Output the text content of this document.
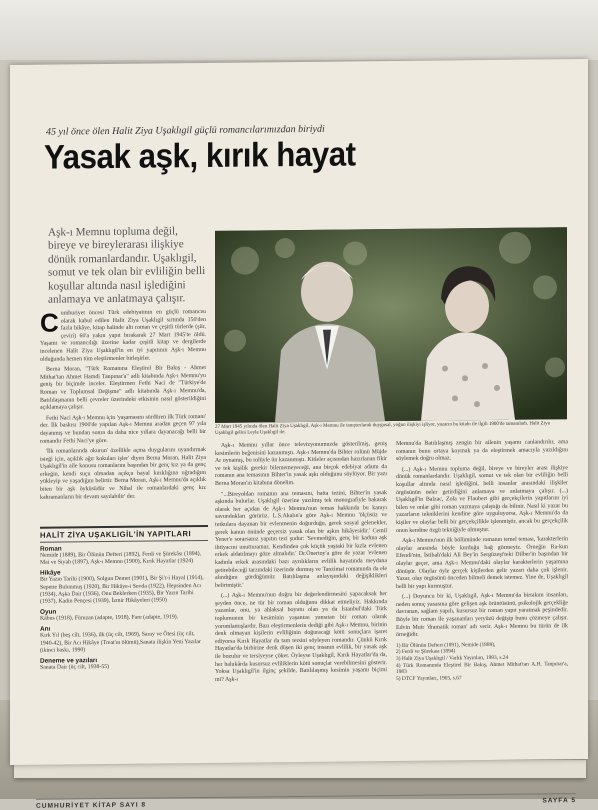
45 yıl önce ölen Halit Ziya Uşaklıgil güçlü romancılarımızdan biriydi
Yasak aşk, kırık hayat
Aşk-ı Memnu topluma değil, bireye ve bireylerarası ilişkiye dönük romanlardandır. Uşaklıgil, somut ve tek olan bir evliliğin belli koşullar altında nasıl işlediğini anlamaya ve anlatmaya çalışır.
C umhuriyet öncesi Türk edebiyatının en güçlü romancısı olarak kabul edilen Halit Ziya Uşaklıgil sırtında 150'den fazla hikâye, kitap halinde altı roman ve çeşitli türlerde (şiir, çeviri) 60'a yakın yapıt bırakarak 27 Mart 1945'te öldü. Yaşamı ve romancılığı üzerine kadar çeşitli kitap ve dergilerde incelenen Halit Ziya Uşaklıgil'in en iyi yapıtının Aşk-ı Memnu olduğunda hemen tüm eleştirmenler birleşirler.

Berna Moran, "Türk Romanına Eleştirel Bir Bakış - Ahmet Mithat'tan Ahmet Hamdi Tanpınar'a" adlı kitabında Aşk-ı Memnu'yu geniş bir biçimde inceler. Eleştirmen Fethi Naci de "Türkiye'de Roman ve Toplumsal Değişme" adlı kitabında Aşk-ı Memnu'da, Batılılaşmanın belli çevreler üzerindeki etkisinin nasıl gösterildiğini açıklamaya çalışır.

Fethi Naci Aşk-ı Memnu için 'yaşamasını sürdüren ilk Türk romanı' der. İlk baskısı 1900'de yapılan Aşk-ı Memnu aradan geçen 97 yıla dayanmış ve bundan sonra da daha nice yıllara dayanacağı belli bir romandır Fethi Naci'ye göre.

'İlk romanlarında okurun' özellikle açma duygularını uyandırmak isteği için, açıklık ağır kokuları işler' diyen Berna Moran, Halit Ziya Uşaklıgil'in aile konusu romanlarını başından bir genç kız ya da genç erkeğin, kendi suçu olmadan açıkça hayal kırıklığına uğradığını yükleyip ve yaşadığını belirtir. Berna Moran, Aşk-ı Memnu'da açıklık biten bir aşk öyküsüdür ve Nihal ile romanlardaki genç kız kahramanların bir devam sayılabilir' der.

HALİT ZİYA UŞAKLIGİL'İN YAPITLARI
Roman
Nemide (1889), Bir Ölünün Defteri (1892), Ferdi ve Şürekâsı (1894), Mai ve Siyah (1897), Aşk-ı Memnu (1900), Kırık Hayatlar (1924)
Hikâye
Bir Yazın Tarihi (1900), Solgun Demet (1901), Bir Şi'r-i Hayal (1914), Sepette Bulunmuş (1920), Bir Hikâye-i Sevda (1922), Hepsinden Acı (1934), Aşka Dair (1936), Onu Beklerken (1935), Bir Yazın Tarihi (1937), Kadın Pençesi (1939), İzmir Hikâyeleri (1950)
Oyun
Kâbus (1918), Füruzan (adapte, 1918), Fare (adapte, 1919).
Anı
Kırk Yıl (beş cilt, 1936), ilk (üç cilt, 1969), Saray ve Ötesi (üç cilt, 1940-42), Bir Acı Hikâye (Treat'ın ölümü),Sanata ilişkin Yeni Yazılar (ikinci baskı, 1990)
Deneme ve yazıları
Sanata Dair (üç cilt, 1938-55)
27 Mart 1945 yılında ölen Halit Ziya Uşaklıgil, Aşk-ı Memnu ile tanıştırılarak duygusal, yoğun ilişkiyi işliyor, yazarın bu kitabı ile ilgili 1900'de tamamladı. Halit Ziya Uşaklıgil gelini Leyla Uşaklıgil ile.

Aşk-ı Memnu yıllar önce televizyonumuzda gösterilmiş, geniş kesimlerin beğenisini kazanmıştı. Aşk-ı Memnu'da Bihter rolünü Müjde Ar oynamış, bu rolüyle ün kazanmıştı. Kitleler açısından hazırlanan fikir ve tek kişilik gerekir bilememeyeceği, ana birçok edebiyat adamı da romanın ana temasının Bihter'in yasak aşkı olduğunu söylüyor. Bir yazı Berna Moran'ın kitabına dönelim.

"...Bireyoldan romanın ana temasını, hatta tezini, Bihter'in yasak aşkında bulurlar. Uşaklıgil üzerine yazılmış tek monografiyle bakarak olarak her açıdan de Aşk-ı Memnu'nun temas hakkında bu kanıyı savundukları görürüz. L.S.Akalın'a göre Aşk-ı Memnu 'ölçüsüz ve tutkulara dayanan bir evlenmenin doğurduğu, gerek sosyal gelenekler, gerek kanun önünde geçersiz yasak olan bir aşkın hikâyesidir.' Cemil Yener'e sorarsanız yapıtın tezi şudur: 'Sevmediğin, genç bir kadına aşk ihtiyacını unutturamaz. Kendinden çok küçük yaştaki bir kızla evlenen erkek aldatılmayı göze almalıdır.' Dr.Önertoy'a göre de yazar 'evlenen kadınla erkek arasındaki bazı ayrılıkların evlilik hayatında meydana getirebileceği tarzındaki üzerinde durmuş ve Tanzimat romanında da ele alındığını gördüğümüz Batılılaşma anlayışındaki değişiklikleri belirtmiştir.'

(...) Aşk-ı Memnu'nun doğru bir değerlendirmesini yapacaksak her şeyden önce, ne tür bir roman olduğunu dikkat etmeliyiz. Hakkında yazanlar, onu, ya ahlaksal boyutu olan ya da İstanbul'daki Türk toplumunun bir kesiminin yaşantısı yansıtan bir roman olarak yorumlamışlardır. Bazı eleştirmenlerin dediği gibi Aşk-ı Memnu, birinin denk olmayan kişilerin evliliğinin doğuracağı kötü sonuçlara işaret ediyorsa Kırık Hayatlar da tam tersini söyleyen romandır. Çünkü Kırık Hayatlar'da birbirine denk düşen iki genç insanın evlilik, bir yasak aşk ile bozulur ve tersiyeyse çöker. Öyleyse Uşaklıgil, Kırık Hayatlar'da da, her halukârda kusursuz evliliklerin kötü sonuçlar verebilmesini gösterir. Yoksa Uşaklıgil'in ilginç şekilde, Batılılaşmış kesimin yaşamı biçimi mi? Aşk-ı

Memnu'da Batılılaşmış zengin bir ailenin yaşamı canlandırılır, ama romanın bunu ortaya koymak ya da eleştirmek amacıyla yazıldığını söylemek doğru olmaz.

(...) Aşk-ı Memnu topluma değil, bireye ve bireyler arası ilişkiye dönük romanlardandır. Uşaklıgil, somut ve tek olan bir evliliğin belli koşullar altında nasıl işlediğini, belli insanlar arasındaki ilişkiler örgüsünün neler getirdiğini anlamaya ve anlatmaya çalışır. (...) Uşaklıgil'in Balzac, Zola ve Flaubert gibi gerçekçilerin yapıtlarını iyi bilen ve onlar gibi roman yazmaya çalıştığı da bilinir. Nasıl ki yazar bu yazarların tekniklerini kendine göre uyguluyorsa, Aşk-ı Memnu'da da kişiler ve olaylar belli bir gerçekçilikle işlenmiştir, ancak bu gerçekçilik onun kendine özgü tekniğiyle olmuştur.

Aşk-ı Memnu'nun ilk bölümünde romanın temel teması, 'karakterlerin olaylar arasında böyle kurduğu bağ görmeyiz. Örneğin Ra-kun Efendi'nin, İstibah'daki Ali Bey'in Sergüzeşt'teki Dilber'in başından bir olaylar geçer, ama Aşk-ı Memnu'daki olaylar karakterlerin yaşamına dönüşür. Olaylar öyle gerçek kişilerden gelir yazarı daha çok işlenir. Yazar, olay örgüsünü önceden bilmeli demek istemez. Yine de, Uşaklıgil belli bir yapı kurmuştur.

(...) Doyuncu bir ki, Uşaklıgil, Aşk-ı Memnu'da birtakım insanları, neden sonuç yasasına göre gelişen aşk örüntüsünü, psikolojik gerçekliğe davranan, sağlam yapılı, kusursuz bir roman yapıt yaratmak peşindedir. Böyle bir roman ile yaşananları yeryüzü değişip bunu çözmeye çalışır. Edvin Muir 'dramatik roman' adı verir. Aşk-ı Memnu bu türün de ilk örneğidir.

1) Bir Ölünün Defteri (1891), Nemide (1889),
2) Ferdi ve Şürekası (1894)
3) Halit Ziya Uşaklıgil / Varlık Yayınları, 1993, s.24
4) Türk Romanında Eleştirel Bir Bakış, Ahmet Mithat'tan A.H. Tanpınar'a, 1983
5) DTCF Yayınları, 1965, s.67
CUMHURİYET KİTAP SAYI 8
SAYFA 5
